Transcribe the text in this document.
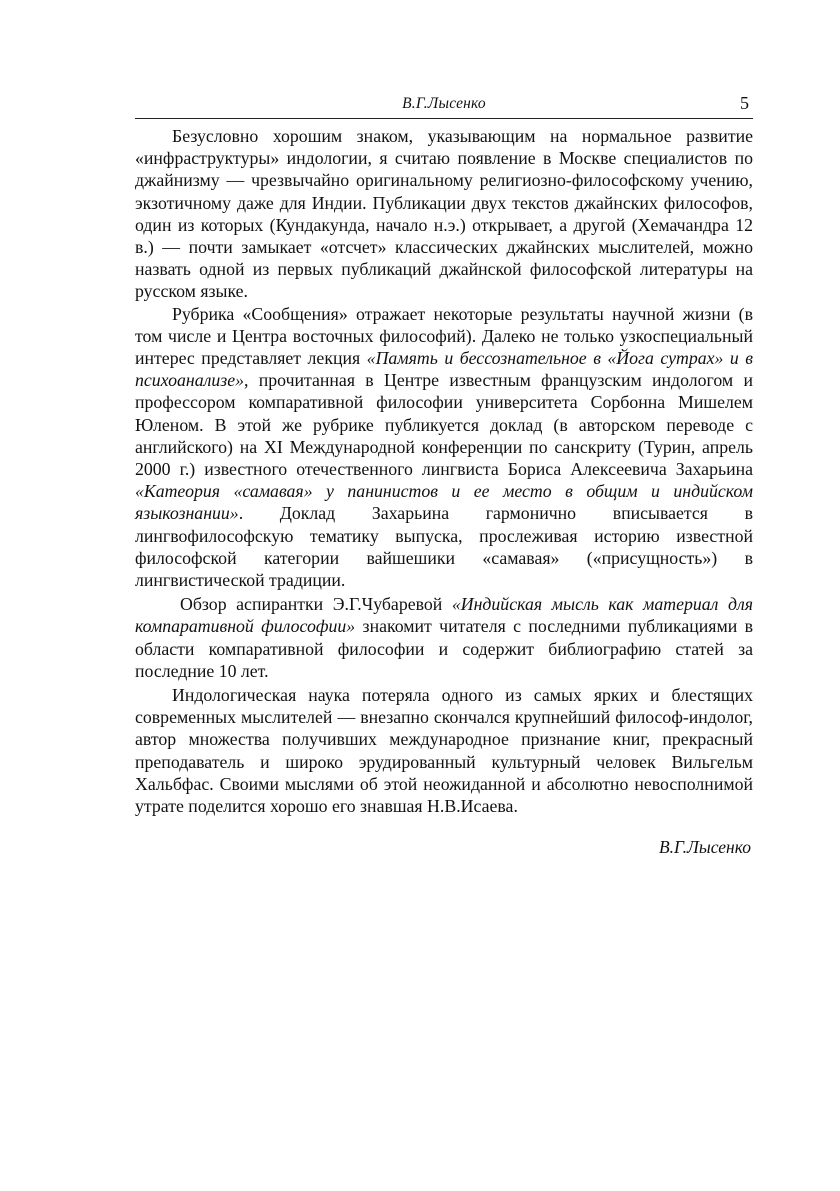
В.Г.Лысенко	5

Безусловно хорошим знаком, указывающим на нормальное развитие «инфраструктуры» индологии, я считаю появление в Москве специалистов по джайнизму — чрезвычайно оригинальному религиозно-философскому учению, экзотичному даже для Индии. Публикации двух текстов джайнских философов, один из которых (Кундакунда, начало н.э.) открывает, а другой (Хемачандра 12 в.) — почти замыкает «отсчет» классических джайнских мыслителей, можно назвать одной из первых публикаций джайнской философской литературы на русском языке.

Рубрика «Сообщения» отражает некоторые результаты научной жизни (в том числе и Центра восточных философий). Далеко не только узкоспециальный интерес представляет лекция «Память и бессознательное в «Йога сутрах» и в психоанализе», прочитанная в Центре известным французским индологом и профессором компаративной философии университета Сорбонна Мишелем Юленом. В этой же рубрике публикуется доклад (в авторском переводе с английского) на XI Международной конференции по санскриту (Турин, апрель 2000 г.) известного отечественного лингвиста Бориса Алексеевича Захарьина «Катеория «самавая» у панинистов и ее место в общим и индийском языкознании». Доклад Захарьина гармонично вписывается в лингвофилософскую тематику выпуска, прослеживая историю известной философской категории вайшешики «самавая» («присущность») в лингвистической традиции.

Обзор аспирантки Э.Г.Чубаревой «Индийская мысль как материал для компаративной философии» знакомит читателя с последними публикациями в области компаративной философии и содержит библиографию статей за последние 10 лет.

Индологическая наука потеряла одного из самых ярких и блестящих современных мыслителей — внезапно скончался крупнейший философ-индолог, автор множества получивших международное признание книг, прекрасный преподаватель и широко эрудированный культурный человек Вильгельм Хальбфас. Своими мыслями об этой неожиданной и абсолютно невосполнимой утрате поделится хорошо его знавшая Н.В.Исаева.

В.Г.Лысенко
